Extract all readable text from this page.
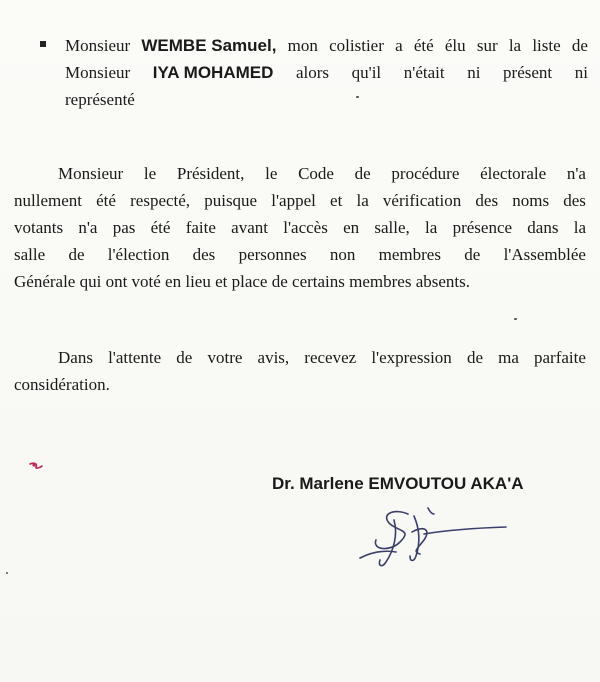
Monsieur WEMBE Samuel, mon colistier a été élu sur la liste de
Monsieur IYA MOHAMED alors qu'il n'était ni présent ni
représenté
Monsieur le Président, le Code de procédure électorale n'a
nullement été respecté, puisque l'appel et la vérification des noms des
votants n'a pas été faite avant l'accès en salle, la présence dans la
salle de l'élection des personnes non membres de l'Assemblée
Générale qui ont voté en lieu et place de certains membres absents.
Dans l'attente de votre avis, recevez l'expression de ma parfaite
considération.
Dr. Marlene EMVOUTOU AKA'A
